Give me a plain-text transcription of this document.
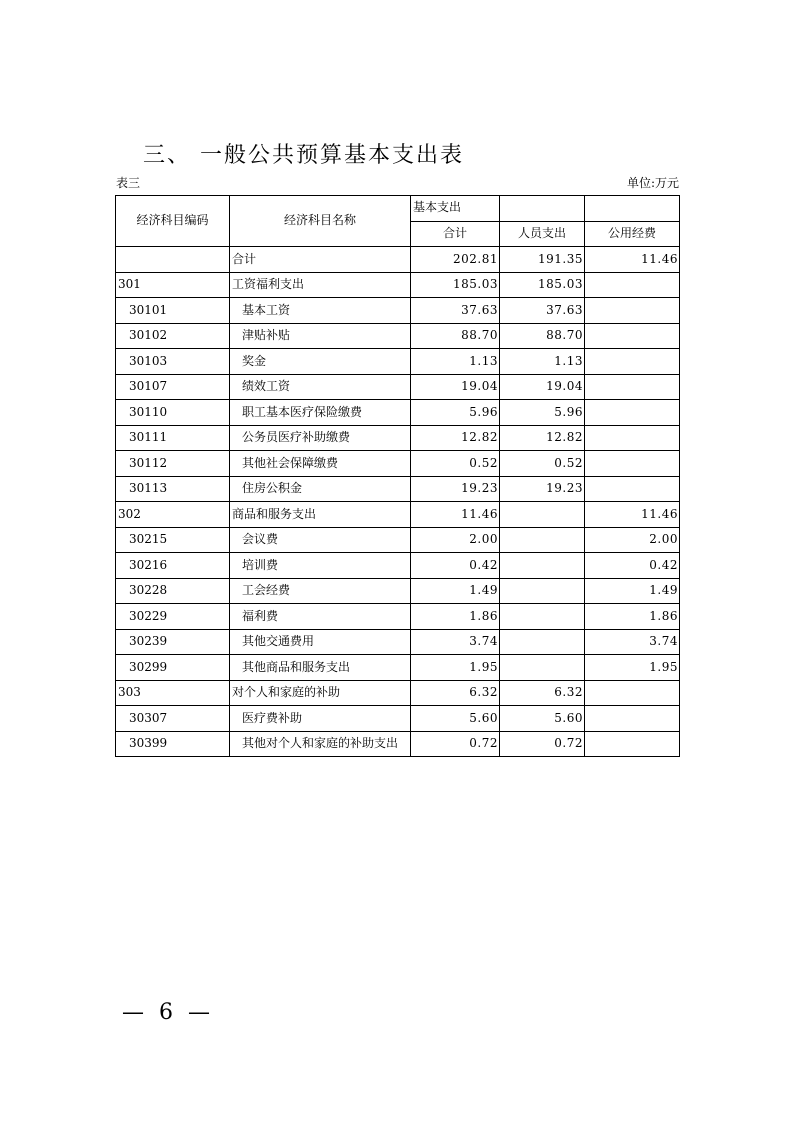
三、 一般公共预算基本支出表
表三	单位:万元
经济科目编码	经济科目名称	基本支出		
		合计	人员支出	公用经费
	合计	202.81	191.35	11.46
301	工资福利支出	185.03	185.03	
30101	基本工资	37.63	37.63	
30102	津贴补贴	88.70	88.70	
30103	奖金	1.13	1.13	
30107	绩效工资	19.04	19.04	
30110	职工基本医疗保险缴费	5.96	5.96	
30111	公务员医疗补助缴费	12.82	12.82	
30112	其他社会保障缴费	0.52	0.52	
30113	住房公积金	19.23	19.23	
302	商品和服务支出	11.46		11.46
30215	会议费	2.00		2.00
30216	培训费	0.42		0.42
30228	工会经费	1.49		1.49
30229	福利费	1.86		1.86
30239	其他交通费用	3.74		3.74
30299	其他商品和服务支出	1.95		1.95
303	对个人和家庭的补助	6.32	6.32	
30307	医疗费补助	5.60	5.60	
30399	其他对个人和家庭的补助支出	0.72	0.72	
— 6 —
